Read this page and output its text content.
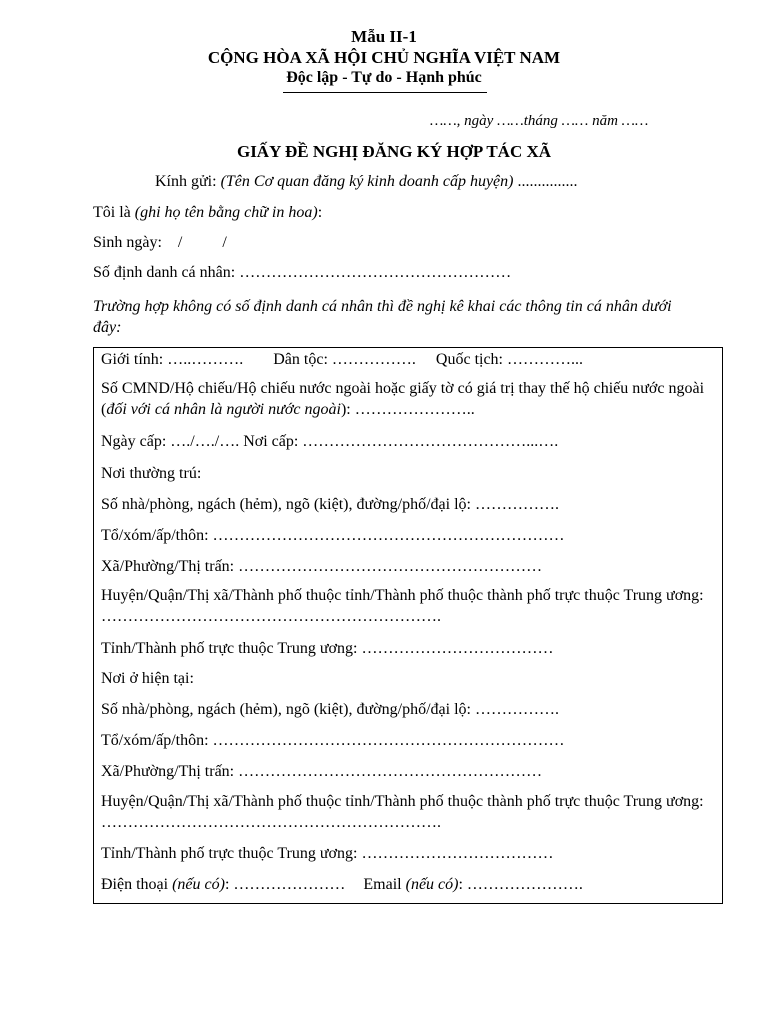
Mẫu II-1
CỘNG HÒA XÃ HỘI CHỦ NGHĨA VIỆT NAM
Độc lập - Tự do - Hạnh phúc
……, ngày ……tháng …… năm ……
GIẤY ĐỀ NGHỊ ĐĂNG KÝ HỢP TÁC XÃ
Kính gửi: (Tên Cơ quan đăng ký kinh doanh cấp huyện) ...............
Tôi là (ghi họ tên bằng chữ in hoa):
Sinh ngày: /	/
Số định danh cá nhân: ……………………………………………
Trường hợp không có số định danh cá nhân thì đề nghị kê khai các thông tin cá nhân dưới đây:
Giới tính: …..………. Dân tộc: ……………. Quốc tịch: …………...
Số CMND/Hộ chiếu/Hộ chiếu nước ngoài hoặc giấy tờ có giá trị thay thế hộ chiếu nước ngoài (đối với cá nhân là người nước ngoài): …………………..
Ngày cấp: …./…./…. Nơi cấp: ……………………………………...….
Nơi thường trú:
Số nhà/phòng, ngách (hẻm), ngõ (kiệt), đường/phố/đại lộ: …………….
Tổ/xóm/ấp/thôn: …………………………………………………………
Xã/Phường/Thị trấn: …………………………………………………
Huyện/Quận/Thị xã/Thành phố thuộc tỉnh/Thành phố thuộc thành phố trực thuộc Trung ương: ……………………………………………………….
Tỉnh/Thành phố trực thuộc Trung ương: ………………………………
Nơi ở hiện tại:
Số nhà/phòng, ngách (hẻm), ngõ (kiệt), đường/phố/đại lộ: …………….
Tổ/xóm/ấp/thôn: …………………………………………………………
Xã/Phường/Thị trấn: …………………………………………………
Huyện/Quận/Thị xã/Thành phố thuộc tỉnh/Thành phố thuộc thành phố trực thuộc Trung ương: ……………………………………………………….
Tỉnh/Thành phố trực thuộc Trung ương: ………………………………
Điện thoại (nếu có): ………………… Email (nếu có): ………………….
